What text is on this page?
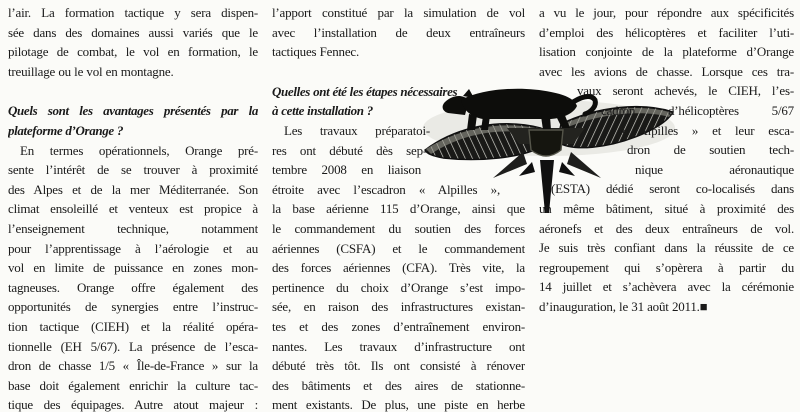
l’air. La formation tactique y sera dispen-
sée dans des domaines aussi variés que le
pilotage de combat, le vol en formation, le
treuillage ou le vol en montagne.
Quels sont les avantages présentés par la
plateforme d’Orange ?
En termes opérationnels, Orange pré-
sente l’intérêt de se trouver à proximité
des Alpes et de la mer Méditerranée. Son
climat ensoleillé et venteux est propice à
l’enseignement technique, notamment
pour l’apprentissage à l’aérologie et au
vol en limite de puissance en zones mon-
tagneuses. Orange offre également des
opportunités de synergies entre l’instruc-
tion tactique (CIEH) et la réalité opéra-
tionnelle (EH 5/67). La présence de l’esca-
dron de chasse 1/5 « Île-de-France » sur la
base doit également enrichir la culture tac-
tique des équipages. Autre atout majeur :
l’apport constitué par la simulation de vol
avec l’installation de deux entraîneurs
tactiques Fennec.
Quelles ont été les étapes nécessaires
à cette installation ?
Les travaux préparatoi-
res ont débuté dès sep-
tembre 2008 en liaison
étroite avec l’escadron « Alpilles »,
la base aérienne 115 d’Orange, ainsi que
le commandement du soutien des forces
aériennes (CSFA) et le commandement
des forces aériennes (CFA). Très vite, la
pertinence du choix d’Orange s’est impo-
sée, en raison des infrastructures existan-
tes et des zones d’entraînement environ-
nantes. Les travaux d’infrastructure ont
débuté très tôt. Ils ont consisté à rénover
des bâtiments et des aires de stationne-
ment existants. De plus, une piste en herbe
a vu le jour, pour répondre aux spécificités
d’emploi des hélicoptères et faciliter l’uti-
lisation conjointe de la plateforme d’Orange
avec les avions de chasse. Lorsque ces tra-
vaux seront achevés, le CIEH, l’es-
cadron d’hélicoptères 5/67
« Alpilles » et leur esca-
dron de soutien tech-
nique aéronautique
(ESTA) dédié seront co-localisés dans
un même bâtiment, situé à proximité des
aéronefs et des deux entraîneurs de vol.
Je suis très confiant dans la réussite de ce
regroupement qui s’opèrera à partir du
14 juillet et s’achèvera avec la cérémonie
d’inauguration, le 31 août 2011.■
